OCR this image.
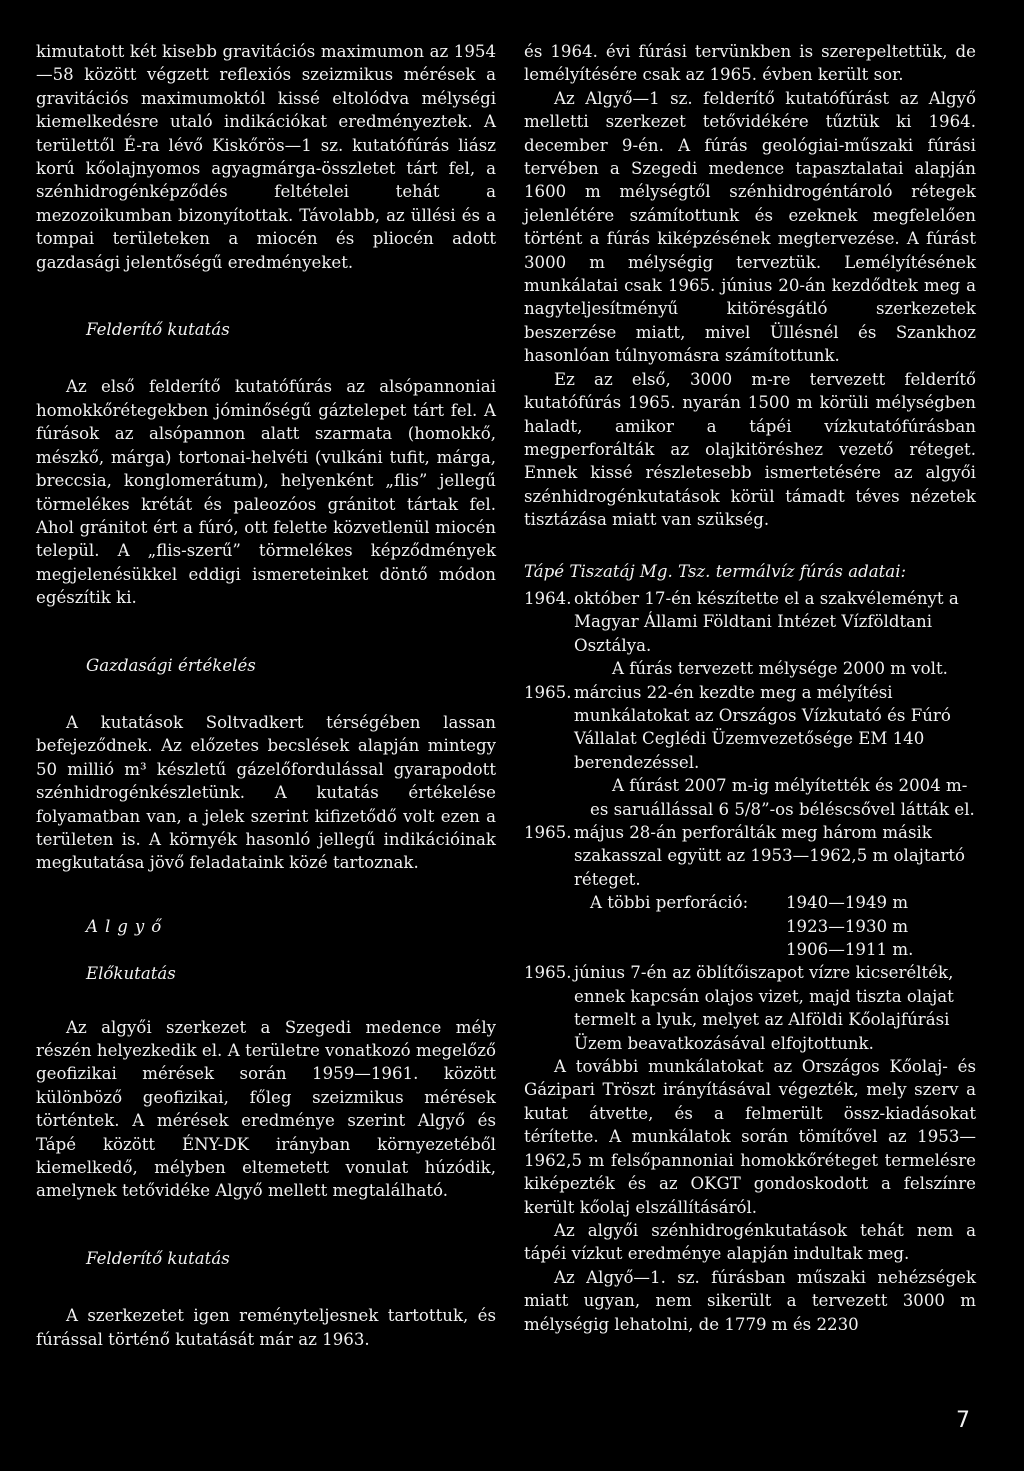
kimutatott két kisebb gravitációs maximumon az 1954—58 között végzett reflexiós szeizmikus mérések a gravitációs maximumoktól kissé eltolódva mélységi kiemelkedésre utaló indikációkat eredményeztek. A területtől É-ra lévő Kiskőrös—1 sz. kutatófúrás liász korú kőolajnyomos agyagmárga-összletet tárt fel, a szénhidrogénképződés feltételei tehát a mezozoikumban bizonyítottak. Távolabb, az üllési és a tompai területeken a miocén és pliocén adott gazdasági jelentőségű eredményeket.

Felderítő kutatás

Az első felderítő kutatófúrás az alsópannoniai homokkőrétegekben jóminőségű gáztelepet tárt fel. A fúrások az alsópannon alatt szarmata (homokkő, mészkő, márga) tortonai-helvéti (vulkáni tufit, márga, breccsia, konglomerátum), helyenként „flis” jellegű törmelékes krétát és paleozóos gránitot tártak fel. Ahol gránitot ért a fúró, ott felette közvetlenül miocén települ. A „flis-szerű” törmelékes képződmények megjelenésükkel eddigi ismereteinket döntő módon egészítik ki.

Gazdasági értékelés

A kutatások Soltvadkert térségében lassan befejeződnek. Az előzetes becslések alapján mintegy 50 millió m³ készletű gázelőfordulással gyarapodott szénhidrogénkészletünk. A kutatás értékelése folyamatban van, a jelek szerint kifizetődő volt ezen a területen is. A környék hasonló jellegű indikációinak megkutatása jövő feladataink közé tartoznak.

Algyő

Előkutatás

Az algyői szerkezet a Szegedi medence mély részén helyezkedik el. A területre vonatkozó megelőző geofizikai mérések során 1959—1961. között különböző geofizikai, főleg szeizmikus mérések történtek. A mérések eredménye szerint Algyő és Tápé között ÉNY-DK irányban környezetéből kiemelkedő, mélyben eltemetett vonulat húzódik, amelynek tetővidéke Algyő mellett megtalálható.

Felderítő kutatás

A szerkezetet igen reményteljesnek tartottuk, és fúrással történő kutatását már az 1963.

és 1964. évi fúrási tervünkben is szerepeltettük, de lemélyítésére csak az 1965. évben került sor.

Az Algyő—1 sz. felderítő kutatófúrást az Algyő melletti szerkezet tetővidékére tűztük ki 1964. december 9-én. A fúrás geológiai-műszaki fúrási tervében a Szegedi medence tapasztalatai alapján 1600 m mélységtől szénhidrogéntároló rétegek jelenlétére számítottunk és ezeknek megfelelően történt a fúrás kiképzésének megtervezése. A fúrást 3000 m mélységig terveztük. Lemélyítésének munkálatai csak 1965. június 20-án kezdődtek meg a nagyteljesítményű kitörésgátló szerkezetek beszerzése miatt, mivel Üllésnél és Szankhoz hasonlóan túlnyomásra számítottunk.

Ez az első, 3000 m-re tervezett felderítő kutatófúrás 1965. nyarán 1500 m körüli mélységben haladt, amikor a tápéi vízkutatófúrásban megperforálták az olajkitöréshez vezető réteget. Ennek kissé részletesebb ismertetésére az algyői szénhidrogénkutatások körül támadt téves nézetek tisztázása miatt van szükség.

Tápé Tiszatáj Mg. Tsz. termálvíz fúrás adatai:

1964. október 17-én készítette el a szakvéleményt a Magyar Állami Földtani Intézet Vízföldtani Osztálya.

A fúrás tervezett mélysége 2000 m volt.

1965. március 22-én kezdte meg a mélyítési munkálatokat az Országos Vízkutató és Fúró Vállalat Ceglédi Üzemvezetősége EM 140 berendezéssel.

A fúrást 2007 m-ig mélyítették és 2004 m-es saruállással 6 5/8”-os béléscsővel látták el.

1965. május 28-án perforálták meg három másik szakasszal együtt az 1953—1962,5 m olajtartó réteget.
A többi perforáció:	1940—1949 m
1923—1930 m
1906—1911 m.
1965. június 7-én az öblítőiszapot vízre kicserélték, ennek kapcsán olajos vizet, majd tiszta olajat termelt a lyuk, melyet az Alföldi Kőolajfúrási Üzem beavatkozásával elfojtottunk.

A további munkálatokat az Országos Kőolaj- és Gázipari Tröszt irányításával végezték, mely szerv a kutat átvette, és a felmerült össz-kiadásokat térítette. A munkálatok során tömítővel az 1953—1962,5 m felsőpannoniai homokkőréteget termelésre kiképezték és az OKGT gondoskodott a felszínre került kőolaj elszállításáról.

Az algyői szénhidrogénkutatások tehát nem a tápéi vízkut eredménye alapján indultak meg.

Az Algyő—1. sz. fúrásban műszaki nehézségek miatt ugyan, nem sikerült a tervezett 3000 m mélységig lehatolni, de 1779 m és 2230

7
